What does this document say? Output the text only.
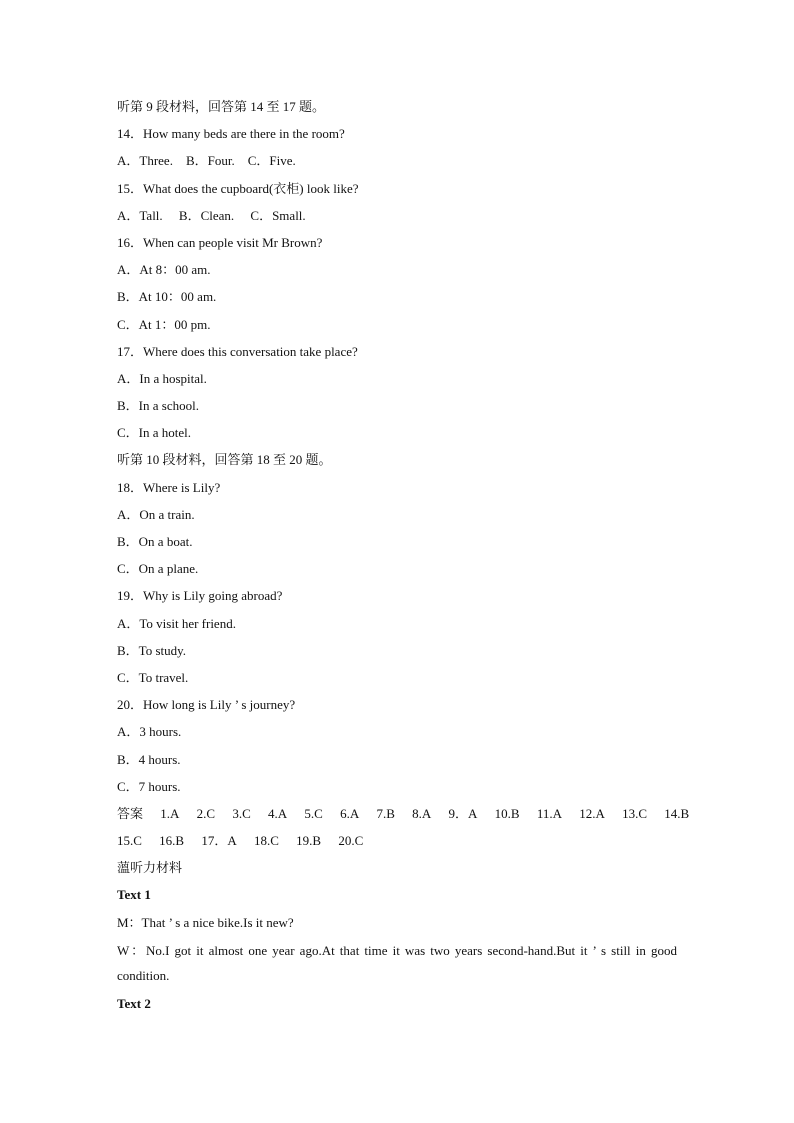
听第 9 段材料，回答第 14 至 17 题。
14．How many beds are there in the room?
A．Three.    B．Four.    C．Five.
15．What does the cupboard(衣柜) look like?
A．Tall.     B．Clean.     C．Small.
16．When can people visit Mr Brown?
A．At 8：00 am.
B．At 10：00 am.
C．At 1：00 pm.
17．Where does this conversation take place?
A．In a hospital.
B．In a school.
C．In a hotel.
听第 10 段材料，回答第 18 至 20 题。
18．Where is Lily?
A．On a train.
B．On a boat.
C．On a plane.
19．Why is Lily going abroad?
A．To visit her friend.
B．To study.
C．To travel.
20．How long is Lily ’ s journey?
A．3 hours.
B．4 hours.
C．7 hours.
答案 1.A 2.C 3.C 4.A 5.C 6.A 7.B 8.A 9．A 10.B 11.A 12.A 13.C 14.B
15.C 16.B 17．A 18.C 19.B 20.C
薀听力材料
Text 1
M：That ’ s a nice bike.Is it new?
W：No.I got it almost one year ago.At that time it was two years second-hand.But it ’ s still in good condition.
Text 2
